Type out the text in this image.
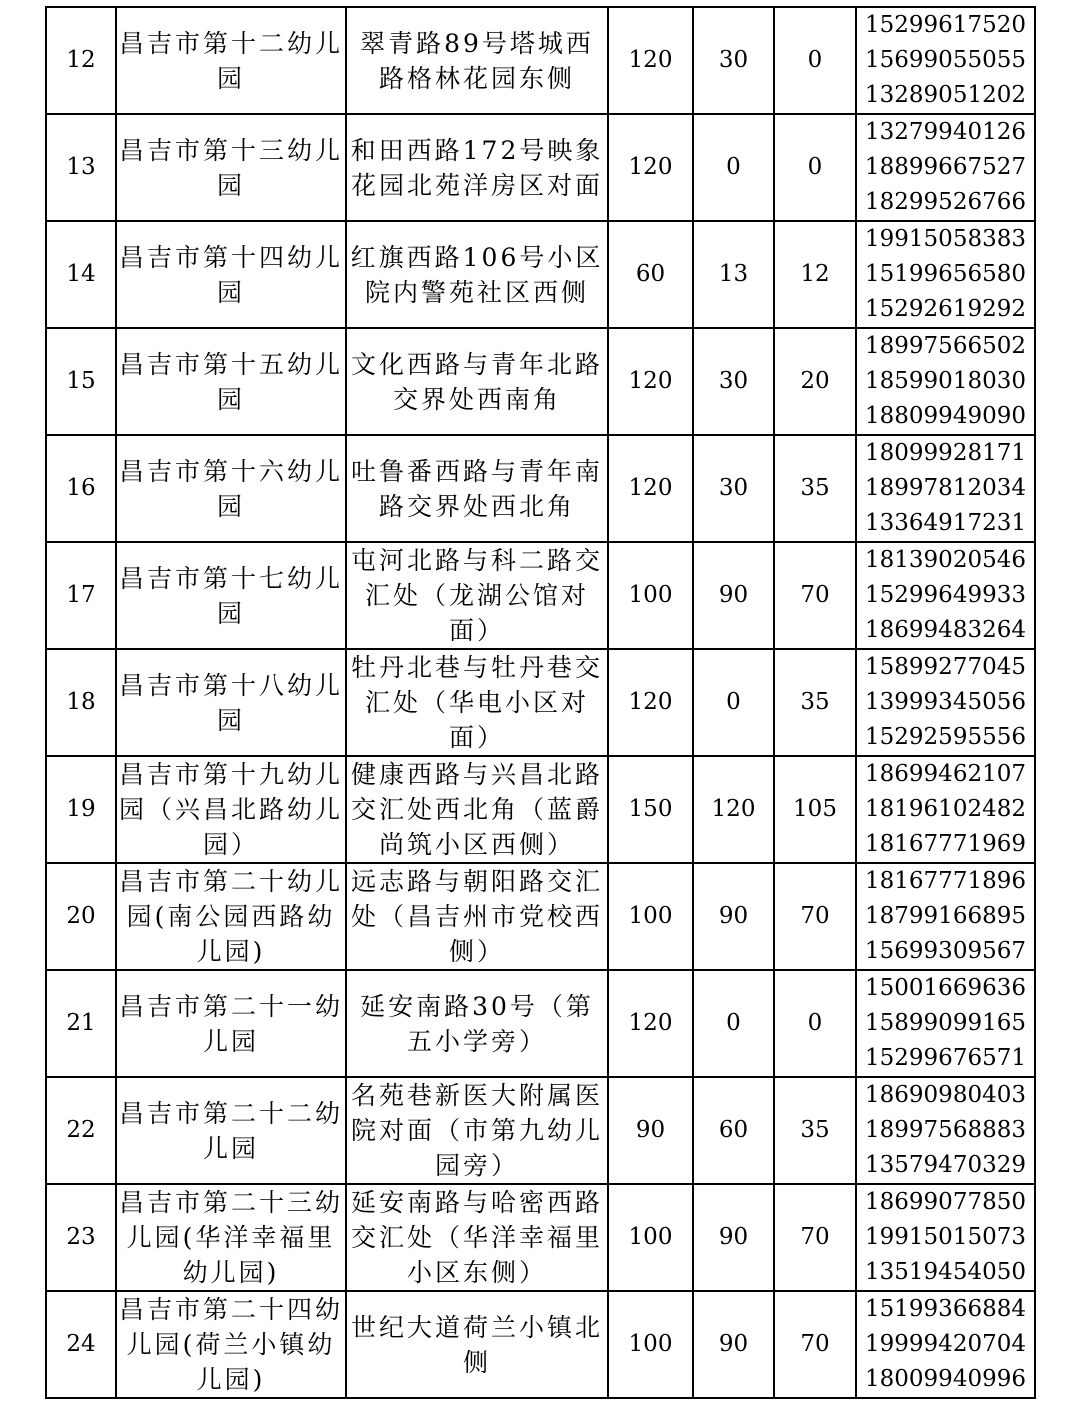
12	昌吉市第十二幼儿园	翠青路89号塔城西路格林花园东侧	120	30	0	15299617520
15699055055
13289051202

13	昌吉市第十三幼儿园	和田西路172号映象花园北苑洋房区对面	120	0	0	13279940126
18899667527
18299526766

14	昌吉市第十四幼儿园	红旗西路106号小区院内警苑社区西侧	60	13	12	19915058383
15199656580
15292619292

15	昌吉市第十五幼儿园	文化西路与青年北路交界处西南角	120	30	20	18997566502
18599018030
18809949090

16	昌吉市第十六幼儿园	吐鲁番西路与青年南路交界处西北角	120	30	35	18099928171
18997812034
13364917231

17	昌吉市第十七幼儿园	屯河北路与科二路交汇处（龙湖公馆对面）	100	90	70	18139020546
15299649933
18699483264

18	昌吉市第十八幼儿园	牡丹北巷与牡丹巷交汇处（华电小区对面）	120	0	35	15899277045
13999345056
15292595556

19	昌吉市第十九幼儿园（兴昌北路幼儿园）	健康西路与兴昌北路交汇处西北角（蓝爵尚筑小区西侧）	150	120	105	18699462107
18196102482
18167771969

20	昌吉市第二十幼儿园(南公园西路幼儿园)	远志路与朝阳路交汇处（昌吉州市党校西侧）	100	90	70	18167771896
18799166895
15699309567

21	昌吉市第二十一幼儿园	延安南路30号（第五小学旁）	120	0	0	15001669636
15899099165
15299676571

22	昌吉市第二十二幼儿园	名苑巷新医大附属医院对面（市第九幼儿园旁）	90	60	35	18690980403
18997568883
13579470329

23	昌吉市第二十三幼儿园(华洋幸福里幼儿园)	延安南路与哈密西路交汇处（华洋幸福里小区东侧）	100	90	70	18699077850
19915015073
13519454050

24	昌吉市第二十四幼儿园(荷兰小镇幼儿园)	世纪大道荷兰小镇北侧	100	90	70	15199366884
19999420704
18009940996
